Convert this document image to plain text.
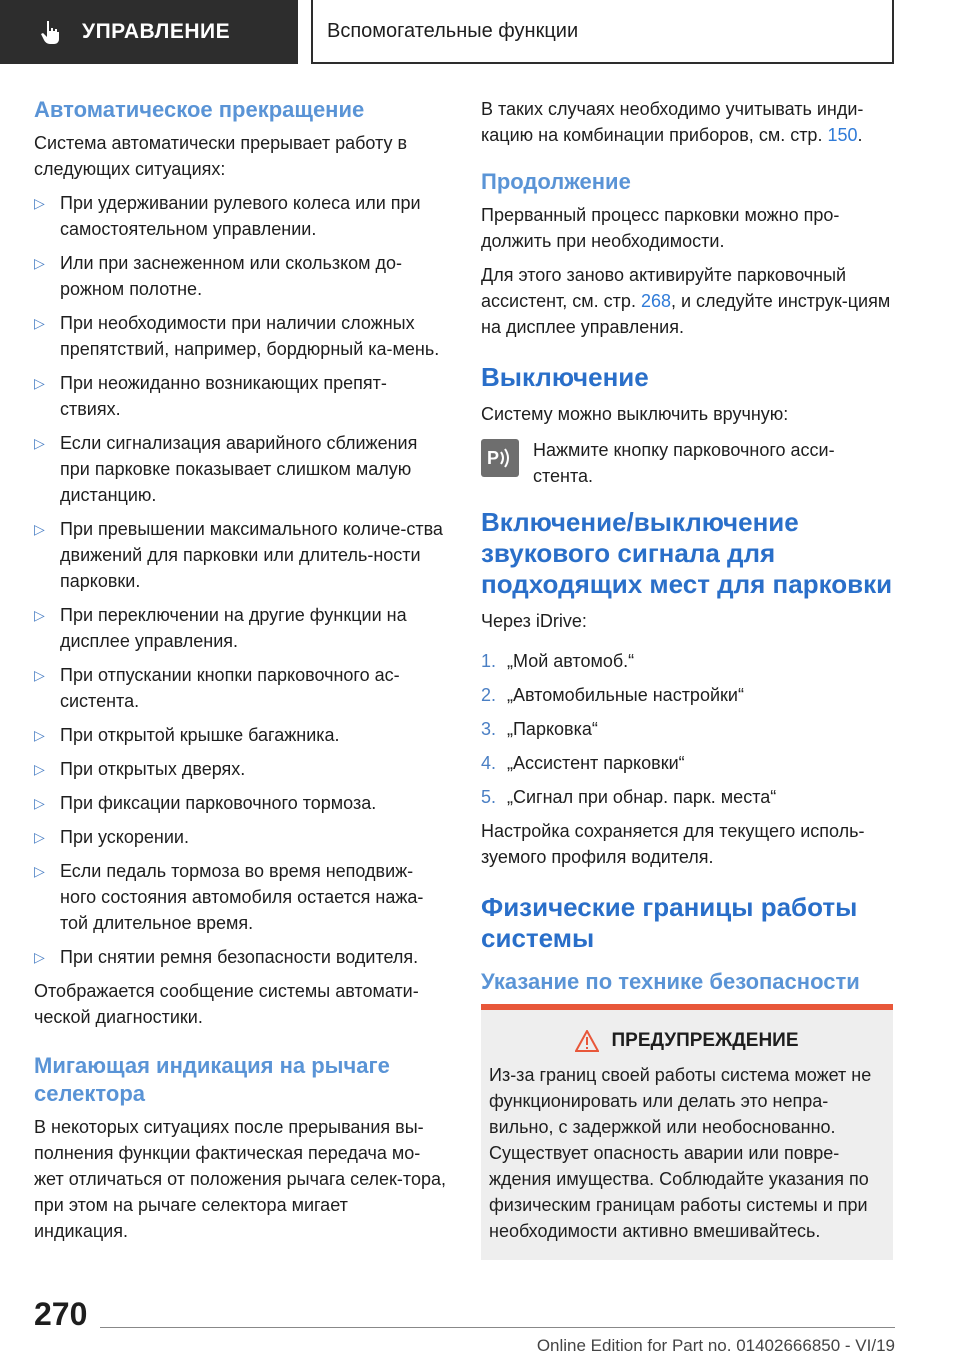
УПРАВЛЕНИЕ	Вспомогательные функции
Автоматическое прекращение

Система автоматически прерывает работу в следующих ситуациях:

▷ При удерживании рулевого колеса или при самостоятельном управлении.
▷ Или при заснеженном или скользком до-рожном полотне.
▷ При необходимости при наличии сложных препятствий, например, бордюрный ка-мень.
▷ При неожиданно возникающих препят-ствиях.
▷ Если сигнализация аварийного сближения при парковке показывает слишком малую дистанцию.
▷ При превышении максимального количе-ства движений для парковки или длитель-ности парковки.
▷ При переключении на другие функции на дисплее управления.
▷ При отпускании кнопки парковочного ас-систента.
▷ При открытой крышке багажника.
▷ При открытых дверях.
▷ При фиксации парковочного тормоза.
▷ При ускорении.
▷ Если педаль тормоза во время неподвиж-ного состояния автомобиля остается нажа-той длительное время.
▷ При снятии ремня безопасности водителя.

Отображается сообщение системы автомати-ческой диагностики.

Мигающая индикация на рычаге селектора

В некоторых ситуациях после прерывания вы-полнения функции фактическая передача мо-жет отличаться от положения рычага селек-тора, при этом на рычаге селектора мигает индикация.

В таких случаях необходимо учитывать инди-кацию на комбинации приборов, см. стр. 150.

Продолжение

Прерванный процесс парковки можно про-должить при необходимости.

Для этого заново активируйте парковочный ассистент, см. стр. 268, и следуйте инструк-циям на дисплее управления.

Выключение

Систему можно выключить вручную:

P Нажмите кнопку парковочного асси-стента.
Включение/выключение звукового сигнала для подходящих мест для парковки

Через iDrive:

1. „Мой автомоб.“
2. „Автомобильные настройки“
3. „Парковка“
4. „Ассистент парковки“
5. „Сигнал при обнар. парк. места“

Настройка сохраняется для текущего исполь-зуемого профиля водителя.

Физические границы работы системы
Указание по технике безопасности
ПРЕДУПРЕЖДЕНИЕ
Из-за границ своей работы система может не функционировать или делать это непра-вильно, с задержкой или необоснованно. Существует опасность аварии или повре-ждения имущества. Соблюдайте указания по физическим границам работы системы и при необходимости активно вмешивайтесь.
270
Online Edition for Part no. 01402666850 - VI/19
